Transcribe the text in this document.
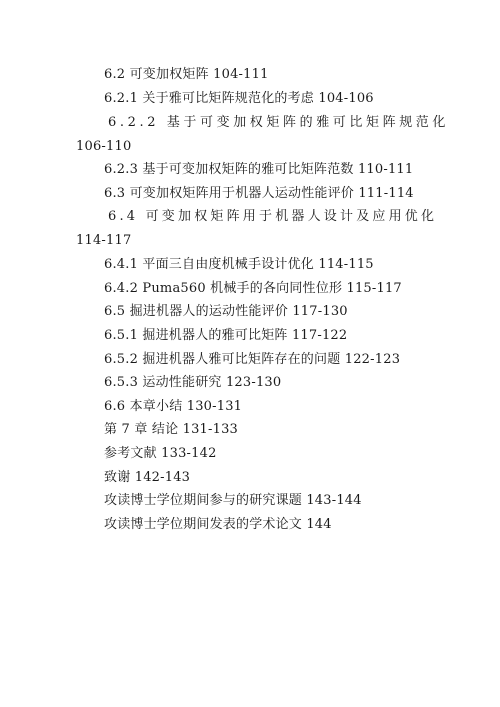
6.2 可变加权矩阵 104-111
6.2.1 关于雅可比矩阵规范化的考虑 104-106
6.2.2 基于可变加权矩阵的雅可比矩阵规范化
106-110
6.2.3 基于可变加权矩阵的雅可比矩阵范数 110-111
6.3 可变加权矩阵用于机器人运动性能评价 111-114
6.4 可变加权矩阵用于机器人设计及应用优化
114-117
6.4.1 平面三自由度机械手设计优化 114-115
6.4.2 Puma560 机械手的各向同性位形 115-117
6.5 掘进机器人的运动性能评价 117-130
6.5.1 掘进机器人的雅可比矩阵 117-122
6.5.2 掘进机器人雅可比矩阵存在的问题 122-123
6.5.3 运动性能研究 123-130
6.6 本章小结 130-131
第 7 章 结论 131-133
参考文献 133-142
致谢 142-143
攻读博士学位期间参与的研究课题 143-144
攻读博士学位期间发表的学术论文 144
